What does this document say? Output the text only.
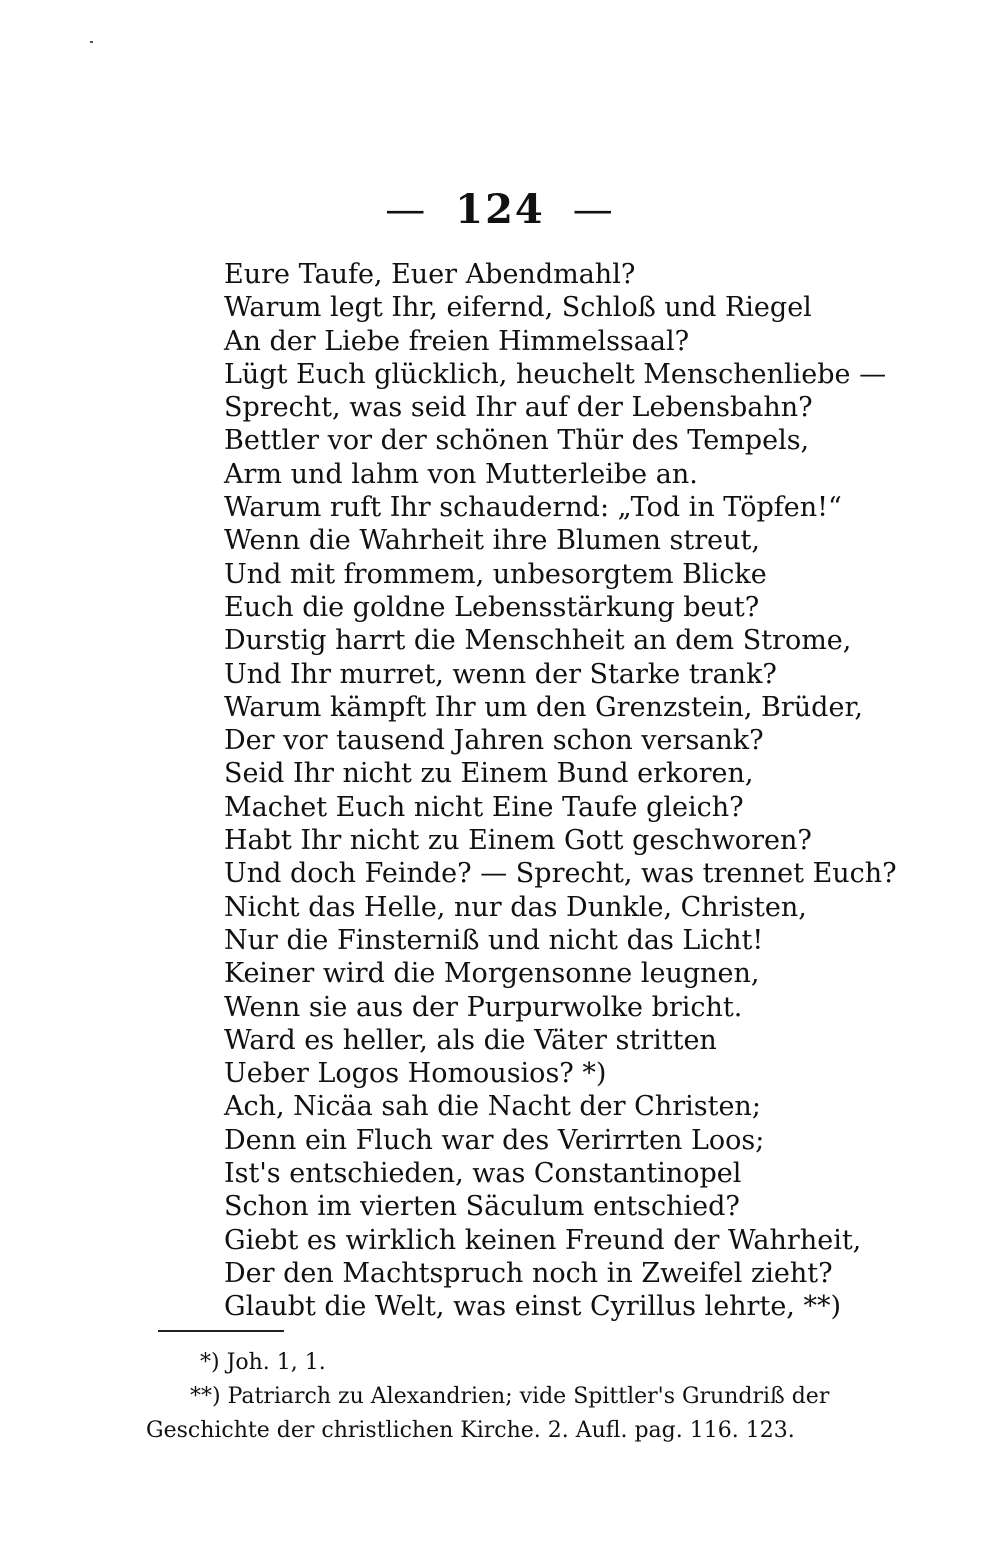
— 124 —
Eure Taufe, Euer Abendmahl?
Warum legt Ihr, eifernd, Schloß und Riegel
An der Liebe freien Himmelssaal?
Lügt Euch glücklich, heuchelt Menschenliebe —
Sprecht, was seid Ihr auf der Lebensbahn?
Bettler vor der schönen Thür des Tempels,
Arm und lahm von Mutterleibe an.
Warum ruft Ihr schaudernd: „Tod in Töpfen!“
Wenn die Wahrheit ihre Blumen streut,
Und mit frommem, unbesorgtem Blicke
Euch die goldne Lebensstärkung beut?
Durstig harrt die Menschheit an dem Strome,
Und Ihr murret, wenn der Starke trank?
Warum kämpft Ihr um den Grenzstein, Brüder,
Der vor tausend Jahren schon versank?
Seid Ihr nicht zu Einem Bund erkoren,
Machet Euch nicht Eine Taufe gleich?
Habt Ihr nicht zu Einem Gott geschworen?
Und doch Feinde? — Sprecht, was trennet Euch?
Nicht das Helle, nur das Dunkle, Christen,
Nur die Finsterniß und nicht das Licht!
Keiner wird die Morgensonne leugnen,
Wenn sie aus der Purpurwolke bricht.
Ward es heller, als die Väter stritten
Ueber Logos Homousios? *)
Ach, Nicäa sah die Nacht der Christen;
Denn ein Fluch war des Verirrten Loos;
Ist's entschieden, was Constantinopel
Schon im vierten Säculum entschied?
Giebt es wirklich keinen Freund der Wahrheit,
Der den Machtspruch noch in Zweifel zieht?
Glaubt die Welt, was einst Cyrillus lehrte, **)
*) Joh. 1, 1.
**) Patriarch zu Alexandrien; vide Spittler's Grundriß der
Geschichte der christlichen Kirche. 2. Aufl. pag. 116. 123.
